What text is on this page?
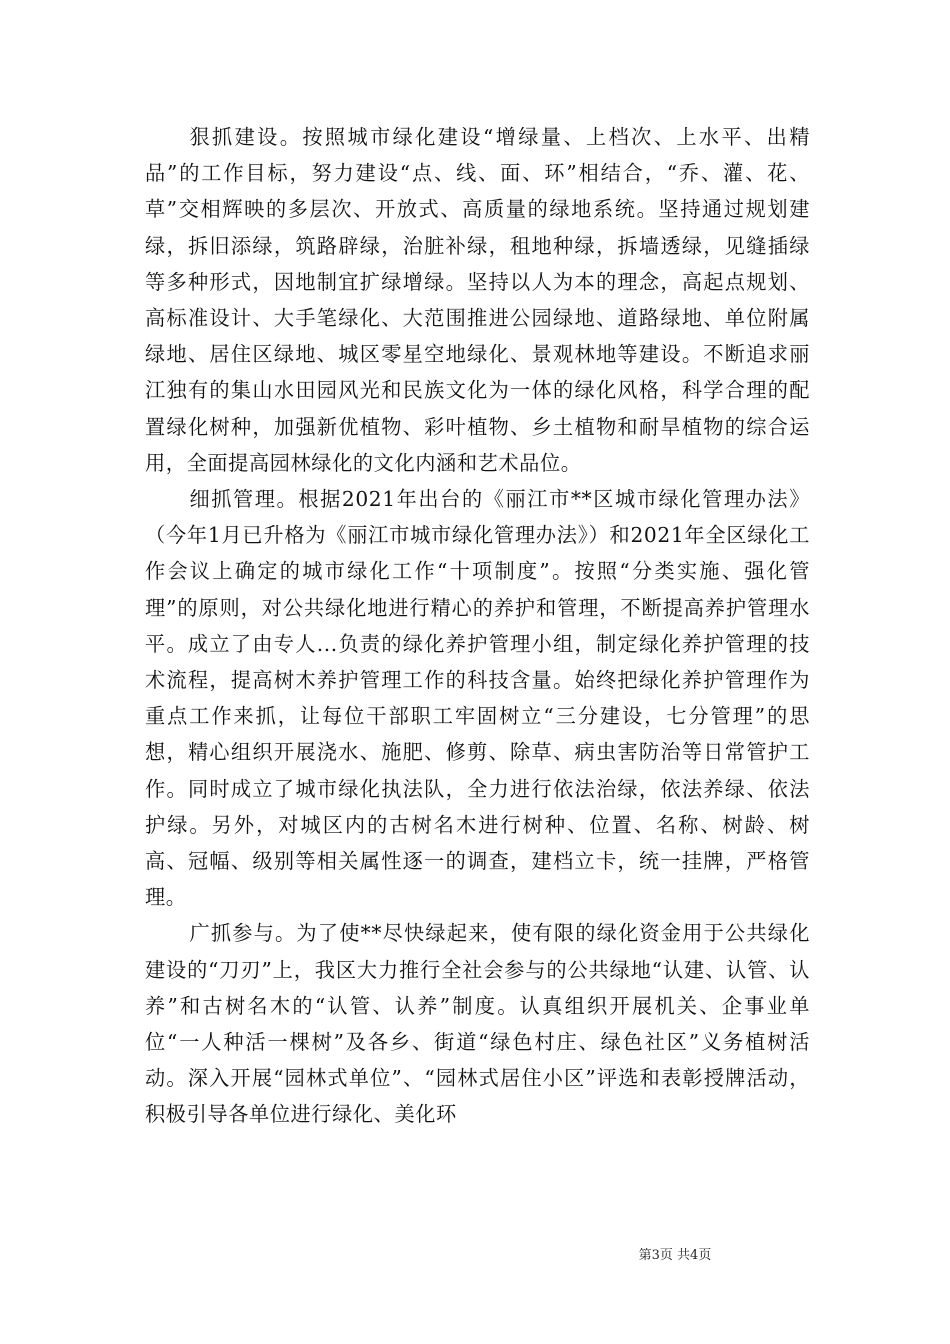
狠抓建设。按照城市绿化建设“增绿量、上档次、上水平、出精品”的工作目标，努力建设“点、线、面、环”相结合，“乔、灌、花、草”交相辉映的多层次、开放式、高质量的绿地系统。坚持通过规划建绿，拆旧添绿，筑路辟绿，治脏补绿，租地种绿，拆墙透绿，见缝插绿等多种形式，因地制宜扩绿增绿。坚持以人为本的理念，高起点规划、高标准设计、大手笔绿化、大范围推进公园绿地、道路绿地、单位附属绿地、居住区绿地、城区零星空地绿化、景观林地等建设。不断追求丽江独有的集山水田园风光和民族文化为一体的绿化风格，科学合理的配置绿化树种，加强新优植物、彩叶植物、乡土植物和耐旱植物的综合运用，全面提高园林绿化的文化内涵和艺术品位。

细抓管理。根据2021年出台的《丽江市**区城市绿化管理办法》（今年1月已升格为《丽江市城市绿化管理办法》）和2021年全区绿化工作会议上确定的城市绿化工作“十项制度”。按照“分类实施、强化管理”的原则，对公共绿化地进行精心的养护和管理，不断提高养护管理水平。成立了由专人...负责的绿化养护管理小组，制定绿化养护管理的技术流程，提高树木养护管理工作的科技含量。始终把绿化养护管理作为重点工作来抓，让每位干部职工牢固树立“三分建设，七分管理”的思想，精心组织开展浇水、施肥、修剪、除草、病虫害防治等日常管护工作。同时成立了城市绿化执法队，全力进行依法治绿，依法养绿、依法护绿。另外，对城区内的古树名木进行树种、位置、名称、树龄、树高、冠幅、级别等相关属性逐一的调查，建档立卡，统一挂牌，严格管理。

广抓参与。为了使**尽快绿起来，使有限的绿化资金用于公共绿化建设的“刀刃”上，我区大力推行全社会参与的公共绿地“认建、认管、认养”和古树名木的“认管、认养”制度。认真组织开展机关、企事业单位“一人种活一棵树”及各乡、街道“绿色村庄、绿色社区”义务植树活动。深入开展“园林式单位”、“园林式居住小区”评选和表彰授牌活动，积极引导各单位进行绿化、美化环

第3页 共4页
